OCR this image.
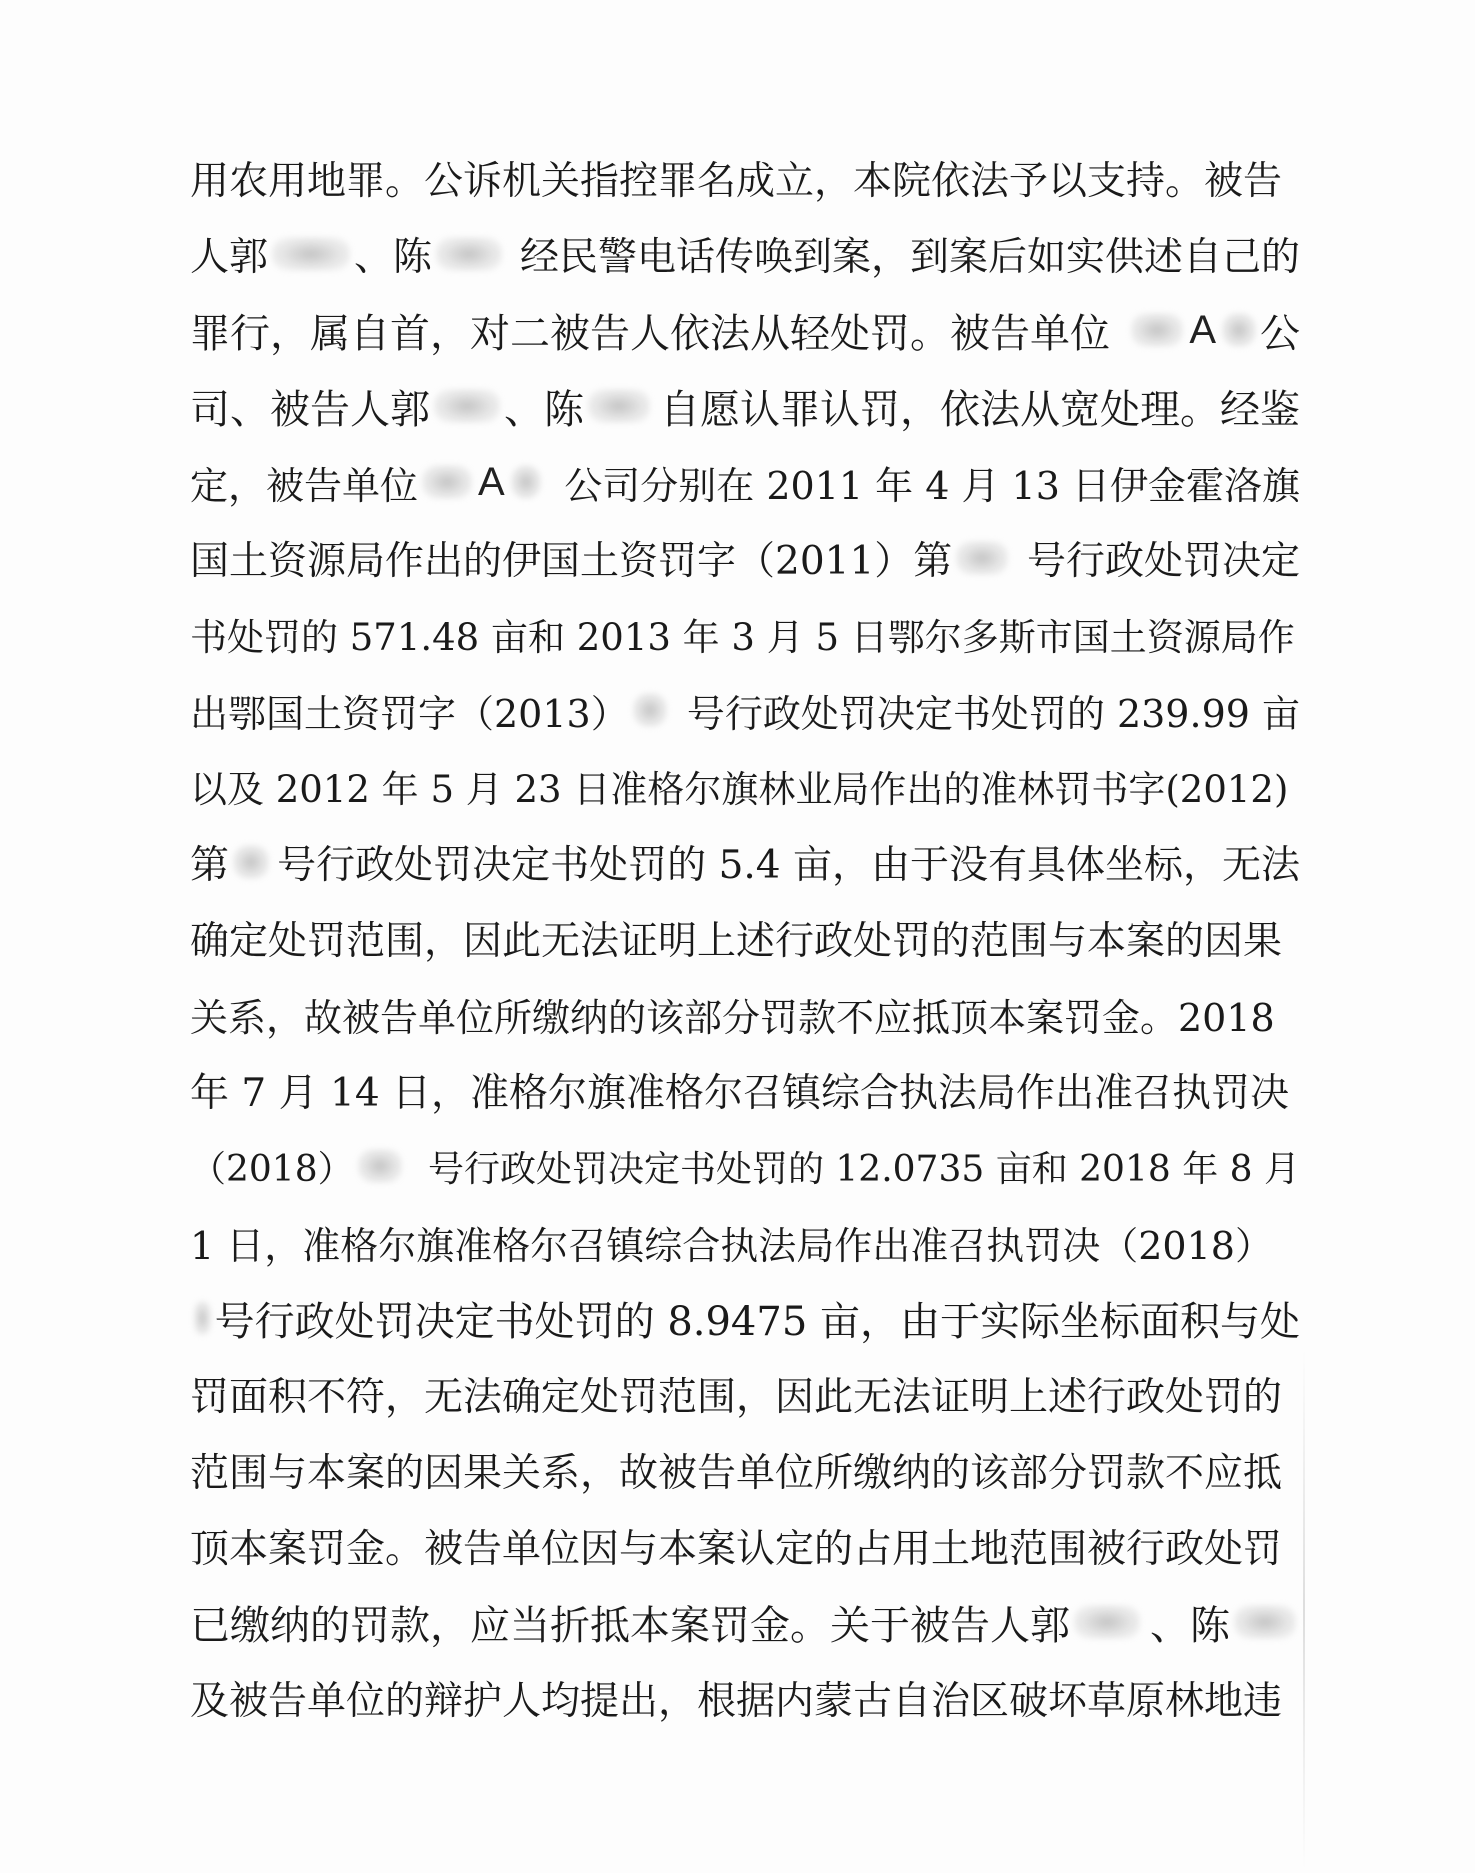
用农用地罪。公诉机关指控罪名成立，本院依法予以支持。被告
人郭 、陈 经民警电话传唤到案，到案后如实供述自己的
罪行，属自首，对二被告人依法从轻处罚。被告单位 A 公
司、被告人郭 、陈 自愿认罪认罚，依法从宽处理。经鉴
定，被告单位 A 公司分别在 2011 年 4 月 13 日伊金霍洛旗
国土资源局作出的伊国土资罚字（2011）第 号行政处罚决定
书处罚的 571.48 亩和 2013 年 3 月 5 日鄂尔多斯市国土资源局作
出鄂国土资罚字（2013） 号行政处罚决定书处罚的 239.99 亩
以及 2012 年 5 月 23 日准格尔旗林业局作出的准林罚书字(2012)
第 号行政处罚决定书处罚的 5.4 亩，由于没有具体坐标，无法
确定处罚范围，因此无法证明上述行政处罚的范围与本案的因果
关系，故被告单位所缴纳的该部分罚款不应抵顶本案罚金。2018
年 7 月 14 日，准格尔旗准格尔召镇综合执法局作出准召执罚决
（2018） 号行政处罚决定书处罚的 12.0735 亩和 2018 年 8 月
1 日，准格尔旗准格尔召镇综合执法局作出准召执罚决（2018）
号行政处罚决定书处罚的 8.9475 亩，由于实际坐标面积与处
罚面积不符，无法确定处罚范围，因此无法证明上述行政处罚的
范围与本案的因果关系，故被告单位所缴纳的该部分罚款不应抵
顶本案罚金。被告单位因与本案认定的占用土地范围被行政处罚
已缴纳的罚款，应当折抵本案罚金。关于被告人郭 、陈
及被告单位的辩护人均提出，根据内蒙古自治区破坏草原林地违
